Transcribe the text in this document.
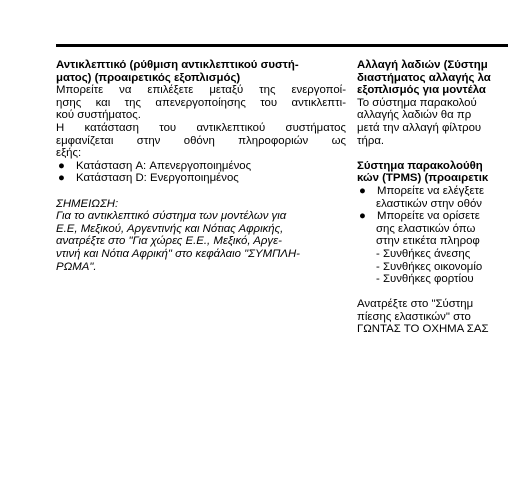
Αντικλεπτικό (ρύθμιση αντικλεπτικού συστή-
ματος) (προαιρετικός εξοπλισμός)
Μπορείτε να επιλέξετε μεταξύ της ενεργοποί-
ησης και της απενεργοποίησης του αντικλεπτι-
κού συστήματος.
Η κατάσταση του αντικλεπτικού συστήματος
εμφανίζεται στην οθόνη πληροφοριών ως
εξής:
● Κατάσταση A: Απενεργοποιημένος
● Κατάσταση D: Ενεργοποιημένος
ΣΗΜΕΙΩΣΗ:
Για το αντικλεπτικό σύστημα των μοντέλων για
Ε.Ε, Μεξικού, Αργεντινής και Νότιας Αφρικής,
ανατρέξτε στο "Για χώρες Ε.Ε., Μεξικό, Αργε-
ντινή και Νότια Αφρική" στο κεφάλαιο "ΣΥΜΠΛΗ-
ΡΩΜΑ".
Αλλαγή λαδιών (Σύστημ
διαστήματος αλλαγής λα
εξοπλισμός για μοντέλα
Το σύστημα παρακολού
αλλαγής λαδιών θα πρ
μετά την αλλαγή φίλτρου
τήρα.
Σύστημα παρακολούθη
κών (TPMS) (προαιρετικ
● Μπορείτε να ελέγξετε
ελαστικών στην οθόν
● Μπορείτε να ορίσετε
σης ελαστικών όπω
στην ετικέτα πληροφ
- Συνθήκες άνεσης
- Συνθήκες οικονομίο
- Συνθήκες φορτίου
Ανατρέξτε στο "Σύστημ
πίεσης ελαστικών" στο
ΓΩΝΤΑΣ ΤΟ ΟΧΗΜΑ ΣΑΣ
